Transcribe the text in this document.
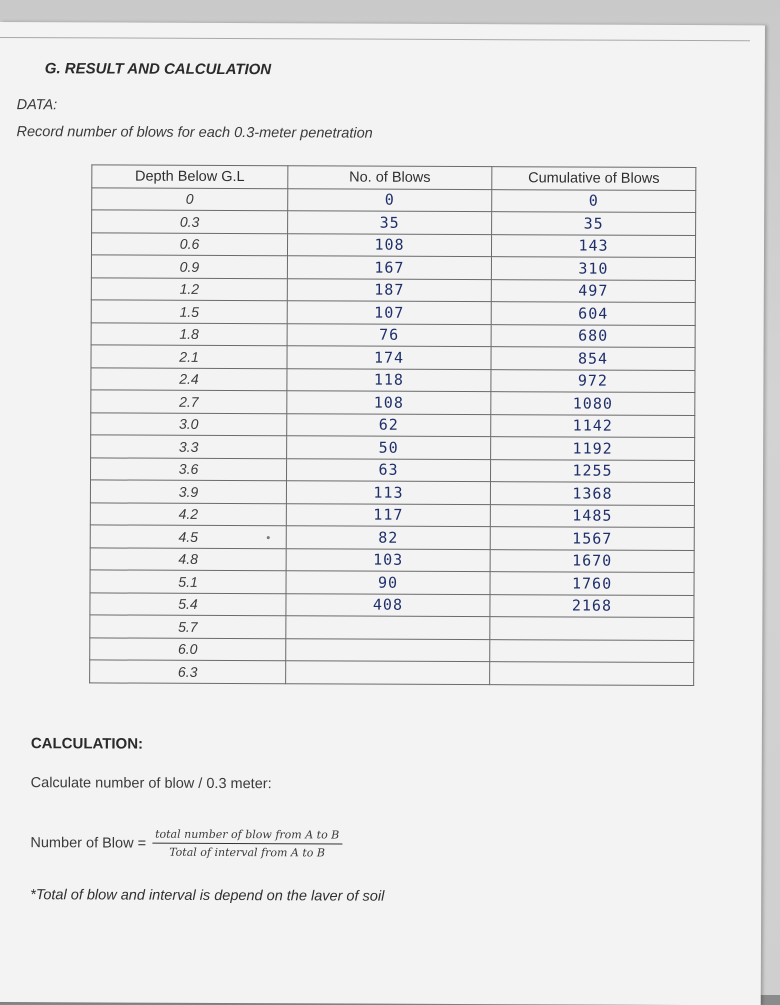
G. RESULT AND CALCULATION
DATA:
Record number of blows for each 0.3-meter penetration
Depth Below G.L	No. of Blows	Cumulative of Blows
0	0	0
0.3	35	35
0.6	108	143
0.9	167	310
1.2	187	497
1.5	107	604
1.8	76	680
2.1	174	854
2.4	118	972
2.7	108	1080
3.0	62	1142
3.3	50	1192
3.6	63	1255
3.9	113	1368
4.2	117	1485
4.5	82	1567
4.8	103	1670
5.1	90	1760
5.4	408	2168
5.7		
6.0		
6.3		
CALCULATION:
Calculate number of blow / 0.3 meter:
Number of Blow = $\frac{\text{total number of blow from A to B}}{\text{Total of interval from A to B}}$
*Total of blow and interval is depend on the laver of soil
